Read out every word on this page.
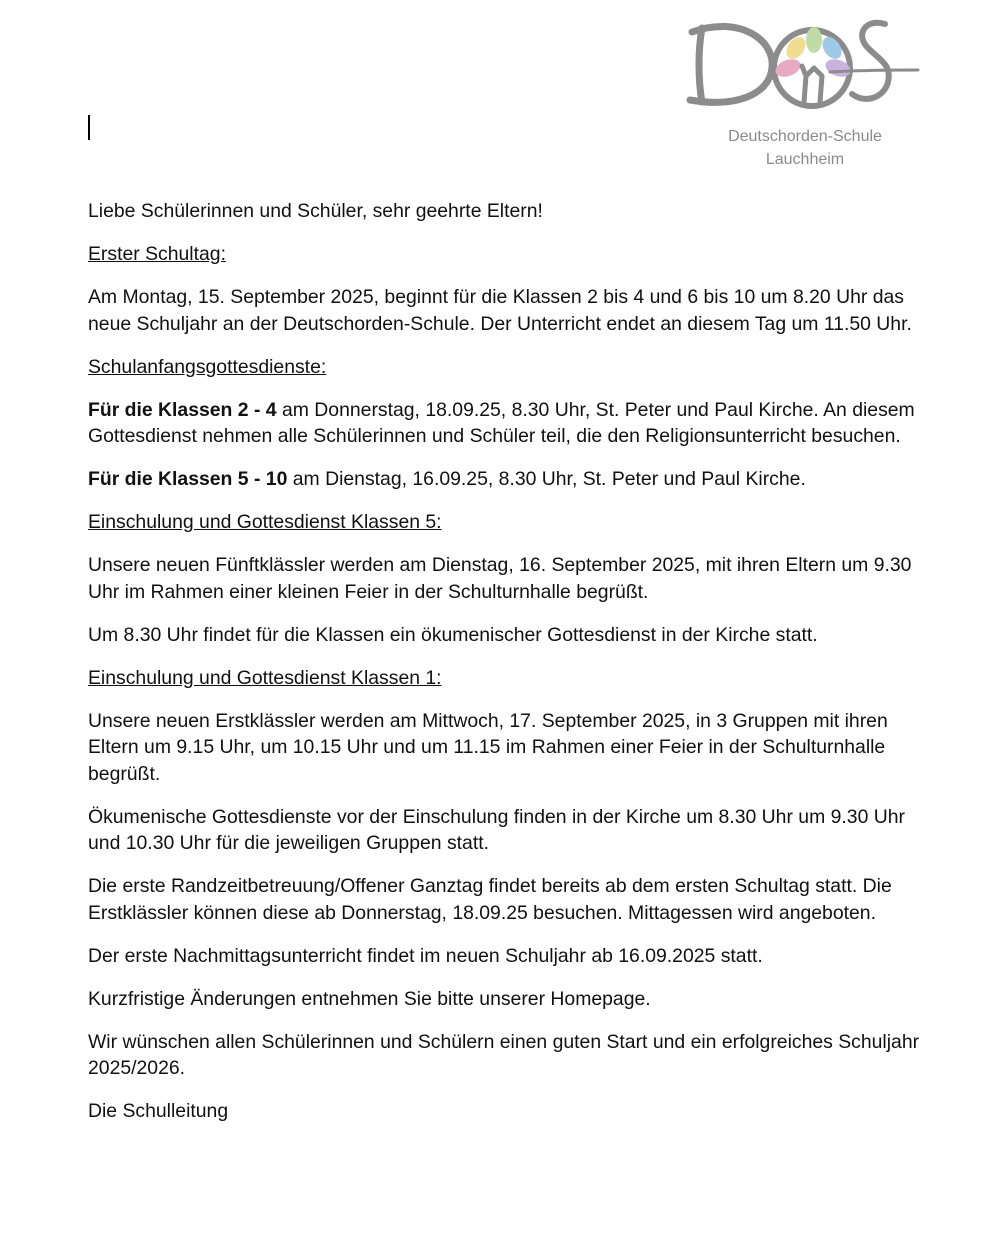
Deutschorden-Schule
Lauchheim

Liebe Schülerinnen und Schüler, sehr geehrte Eltern!

Erster Schultag:

Am Montag, 15. September 2025, beginnt für die Klassen 2 bis 4 und 6 bis 10 um 8.20 Uhr das neue Schuljahr an der Deutschorden-Schule. Der Unterricht endet an diesem Tag um 11.50 Uhr.

Schulanfangsgottesdienste:

Für die Klassen 2 - 4 am Donnerstag, 18.09.25, 8.30 Uhr, St. Peter und Paul Kirche. An diesem Gottesdienst nehmen alle Schülerinnen und Schüler teil, die den Religionsunterricht besuchen.

Für die Klassen 5 - 10 am Dienstag, 16.09.25, 8.30 Uhr, St. Peter und Paul Kirche.

Einschulung und Gottesdienst Klassen 5:

Unsere neuen Fünftklässler werden am Dienstag, 16. September 2025, mit ihren Eltern um 9.30 Uhr im Rahmen einer kleinen Feier in der Schulturnhalle begrüßt.

Um 8.30 Uhr findet für die Klassen ein ökumenischer Gottesdienst in der Kirche statt.

Einschulung und Gottesdienst Klassen 1:

Unsere neuen Erstklässler werden am Mittwoch, 17. September 2025, in 3 Gruppen mit ihren Eltern um 9.15 Uhr, um 10.15 Uhr und um 11.15 im Rahmen einer Feier in der Schulturnhalle begrüßt.

Ökumenische Gottesdienste vor der Einschulung finden in der Kirche um 8.30 Uhr um 9.30 Uhr und 10.30 Uhr für die jeweiligen Gruppen statt.

Die erste Randzeitbetreuung/Offener Ganztag findet bereits ab dem ersten Schultag statt. Die Erstklässler können diese ab Donnerstag, 18.09.25 besuchen. Mittagessen wird angeboten.

Der erste Nachmittagsunterricht findet im neuen Schuljahr ab 16.09.2025 statt.

Kurzfristige Änderungen entnehmen Sie bitte unserer Homepage.

Wir wünschen allen Schülerinnen und Schülern einen guten Start und ein erfolgreiches Schuljahr 2025/2026.

Die Schulleitung
